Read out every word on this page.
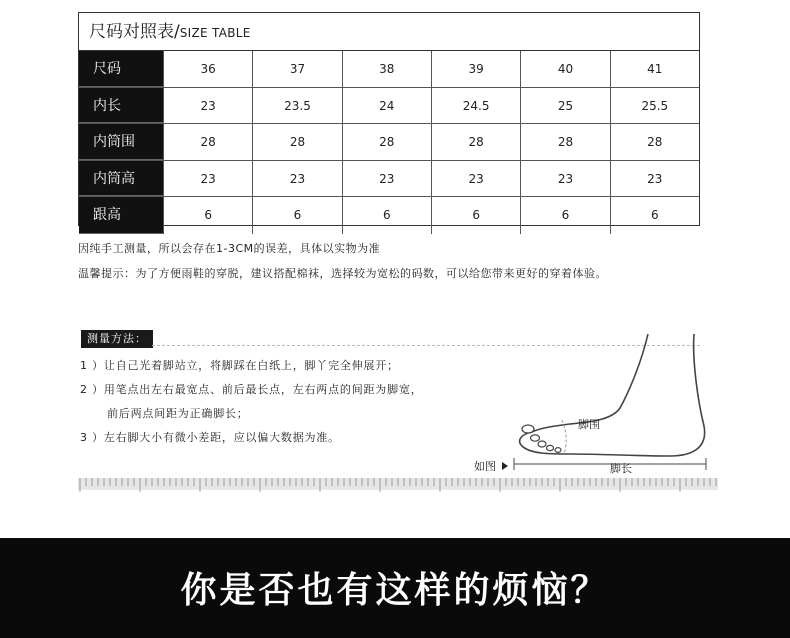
尺码对照表/SIZE TABLE
尺码	36	37	38	39	40	41
内长	23	23.5	24	24.5	25	25.5
内筒围	28	28	28	28	28	28
内筒高	23	23	23	23	23	23
跟高	6	6	6	6	6	6
因纯手工测量，所以会存在1-3CM的误差，具体以实物为准
温馨提示：为了方便雨鞋的穿脱，建议搭配棉袜，选择较为宽松的码数，可以给您带来更好的穿着体验。
测量方法：
1 ）让自己光着脚站立，将脚踩在白纸上，脚丫完全伸展开；
2 ）用笔点出左右最宽点、前后最长点，左右两点的间距为脚宽，
前后两点间距为正确脚长；
3 ）左右脚大小有微小差距，应以偏大数据为准。
脚围
脚长
如图
你是否也有这样的烦恼？
